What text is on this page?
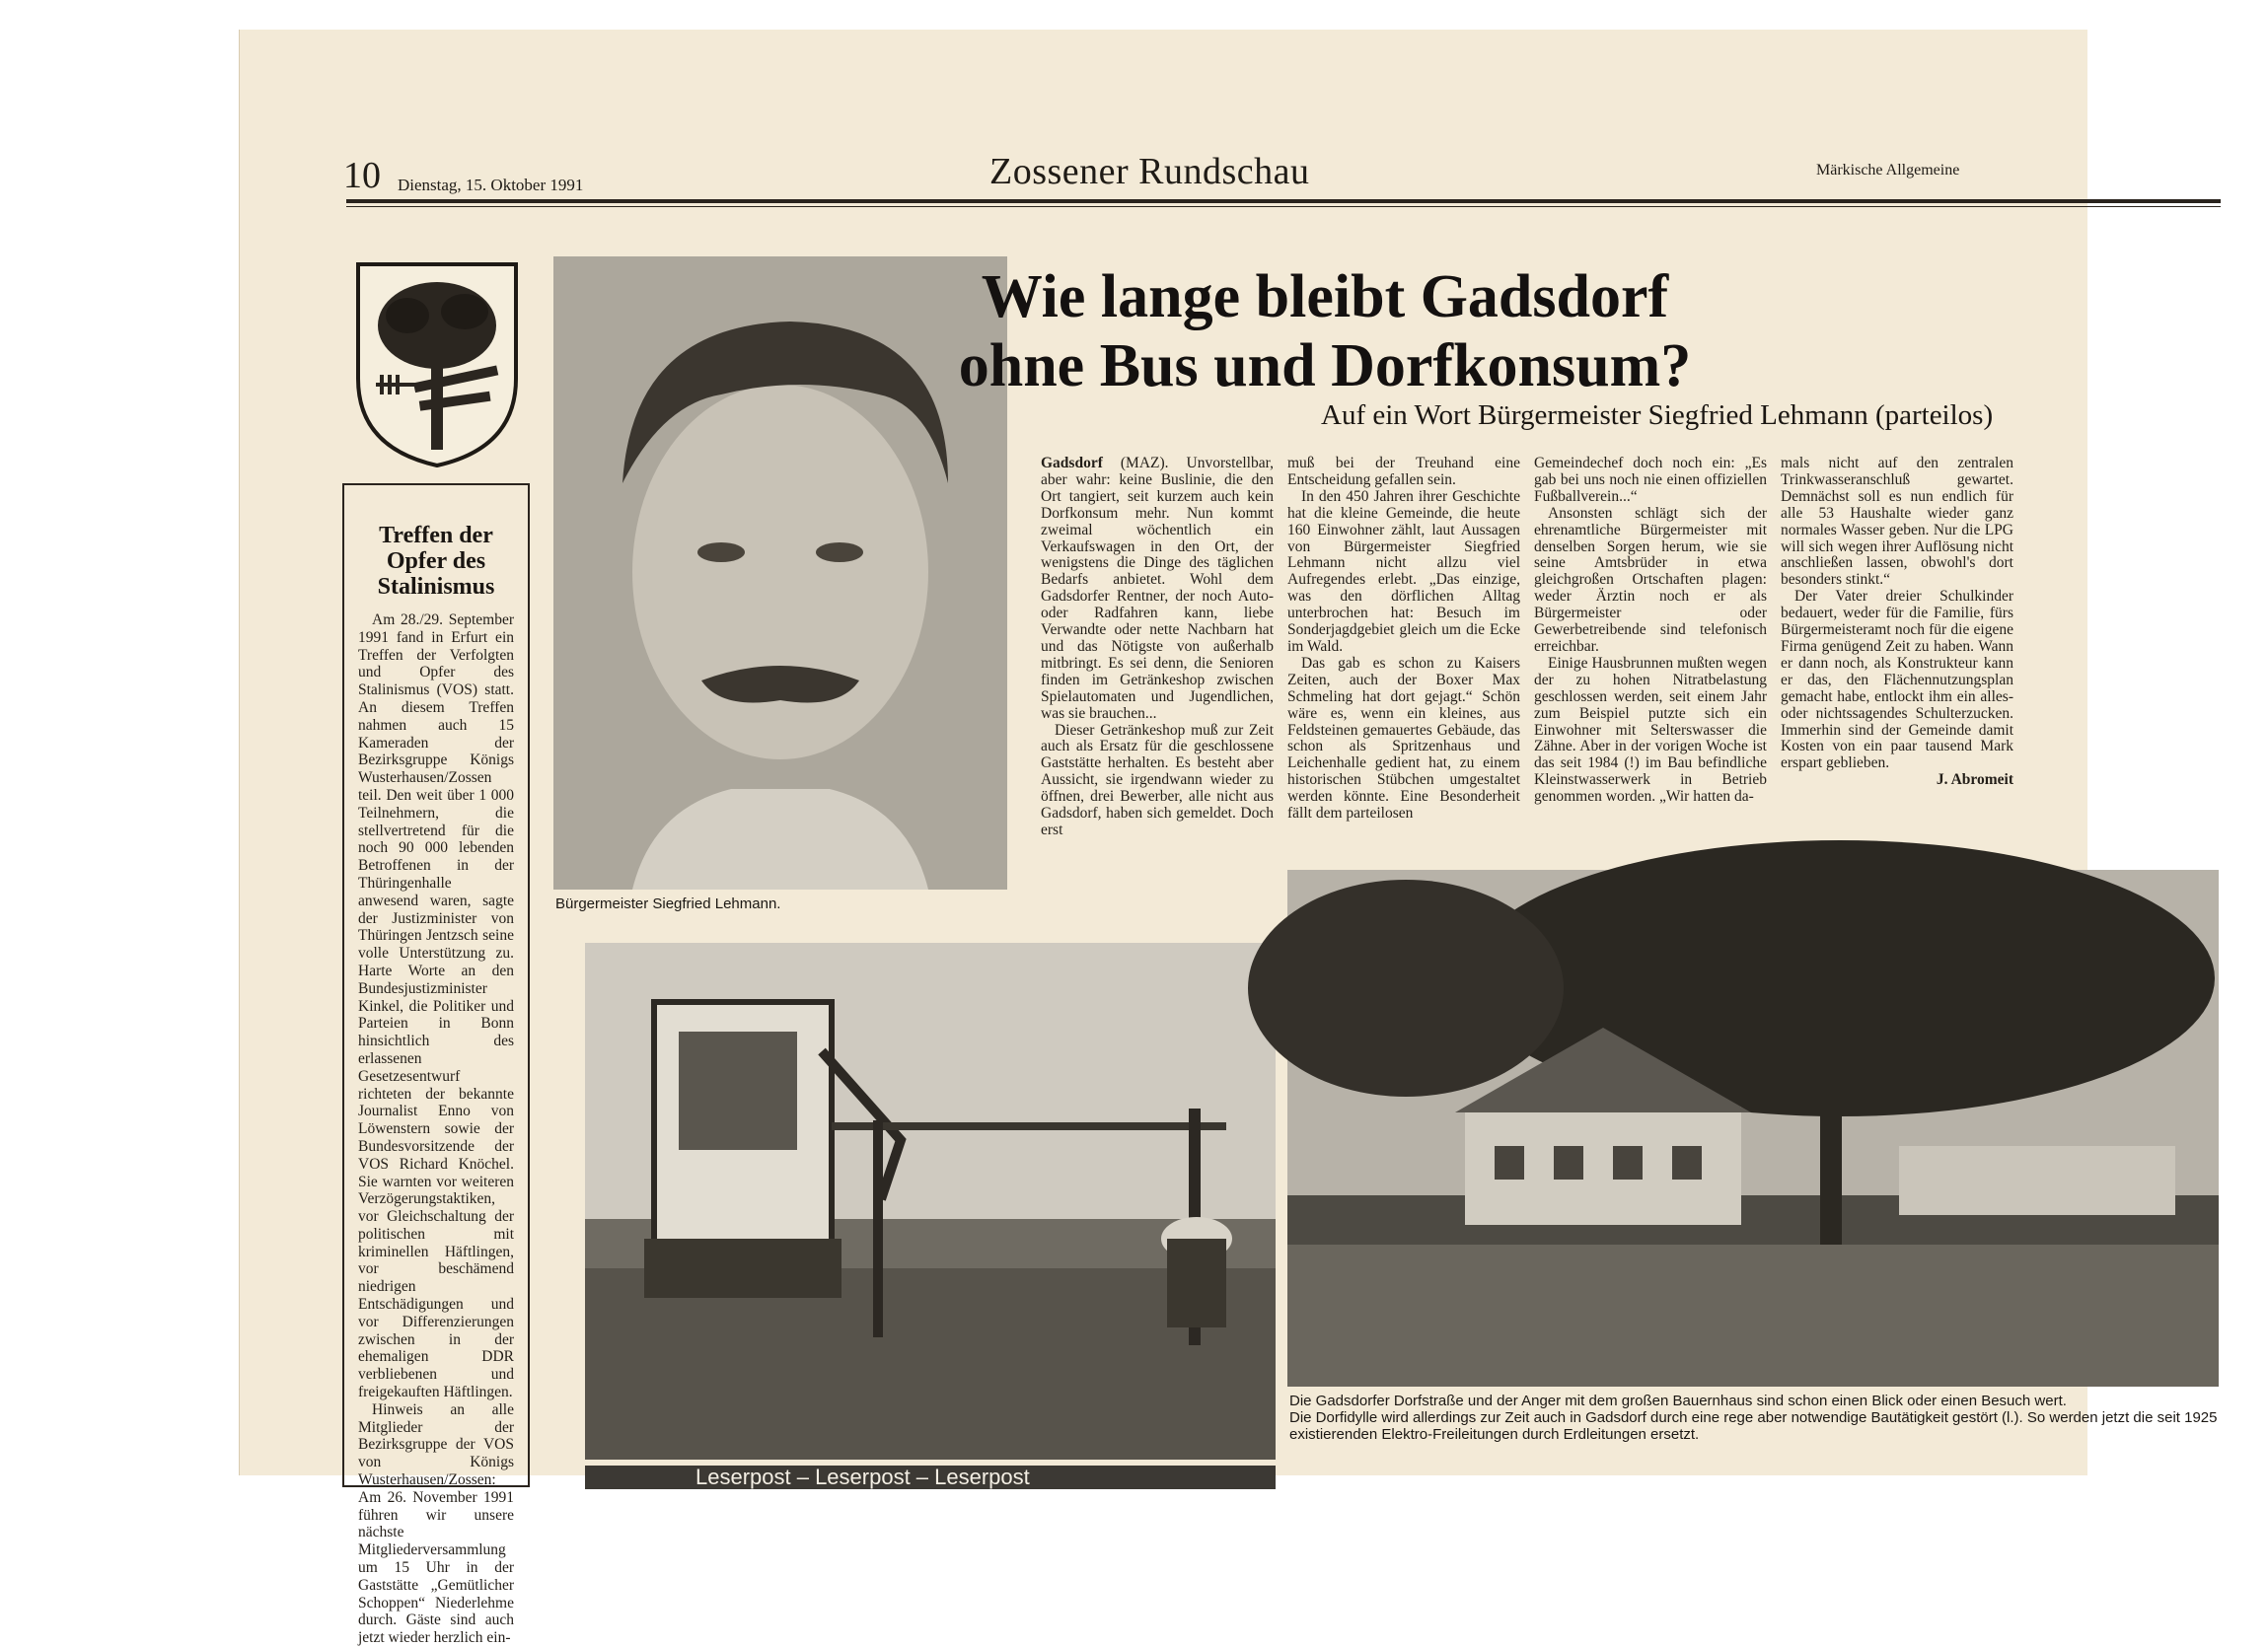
10 Dienstag, 15. Oktober 1991	Zossener Rundschau	Märkische Allgemeine
Treffen der Opfer des Stalinismus
Am 28./29. September 1991 fand in Erfurt ein Treffen der Verfolgten und Opfer des Stalinismus (VOS) statt. An diesem Treffen nahmen auch 15 Kameraden der Bezirksgruppe Königs Wusterhausen/Zossen teil. Den weit über 1 000 Teilnehmern, die stellvertretend für die noch 90 000 lebenden Betroffenen in der Thüringenhalle anwesend waren, sagte der Justizminister von Thüringen Jentzsch seine volle Unterstützung zu. Harte Worte an den Bundesjustizminister Kinkel, die Politiker und Parteien in Bonn hinsichtlich des erlassenen Gesetzesentwurf richteten der bekannte Journalist Enno von Löwenstern sowie der Bundesvorsitzende der VOS Richard Knöchel. Sie warnten vor weiteren Verzögerungstaktiken, vor Gleichschaltung der politischen mit kriminellen Häftlingen, vor beschämend niedrigen Entschädigungen und vor Differenzierungen zwischen in der ehemaligen DDR verbliebenen und freigekauften Häftlingen.
Hinweis an alle Mitglieder der Bezirksgruppe der VOS von Königs Wusterhausen/Zossen: Am 26. November 1991 führen wir unsere nächste Mitgliederversammlung um 15 Uhr in der Gaststätte „Gemütlicher Schoppen“ Niederlehme durch. Gäste sind auch jetzt wieder herzlich ein-
Bürgermeister Siegfried Lehmann.
Die Gadsdorfer Dorfstraße und der Anger mit dem großen Bauernhaus sind schon einen Blick oder einen Besuch wert.
Die Dorfidylle wird allerdings zur Zeit auch in Gadsdorf durch eine rege aber notwendige Bautätigkeit gestört (l.). So werden jetzt die seit 1925 existierenden Elektro-Freileitungen durch Erdleitungen ersetzt.
Leserpost – Leserpost – Leserpost
Wie lange bleibt Gadsdorf
ohne Bus und Dorfkonsum?
Auf ein Wort Bürgermeister Siegfried Lehmann (parteilos)

Gadsdorf (MAZ). Unvorstellbar, aber wahr: keine Buslinie, die den Ort tangiert, seit kurzem auch kein Dorfkonsum mehr. Nun kommt zweimal wöchentlich ein Verkaufswagen in den Ort, der wenigstens die Dinge des täglichen Bedarfs anbietet. Wohl dem Gadsdorfer Rentner, der noch Auto- oder Radfahren kann, liebe Verwandte oder nette Nachbarn hat und das Nötigste von außerhalb mitbringt. Es sei denn, die Senioren finden im Getränkeshop zwischen Spielautomaten und Jugendlichen, was sie brauchen...

Dieser Getränkeshop muß zur Zeit auch als Ersatz für die geschlossene Gaststätte herhalten. Es besteht aber Aussicht, sie irgendwann wieder zu öffnen, drei Bewerber, alle nicht aus Gadsdorf, haben sich gemeldet. Doch erst

muß bei der Treuhand eine Entscheidung gefallen sein.

In den 450 Jahren ihrer Geschichte hat die kleine Gemeinde, die heute 160 Einwohner zählt, laut Aussagen von Bürgermeister Siegfried Lehmann nicht allzu viel Aufregendes erlebt. „Das einzige, was den dörflichen Alltag unterbrochen hat: Besuch im Sonderjagdgebiet gleich um die Ecke im Wald.

Das gab es schon zu Kaisers Zeiten, auch der Boxer Max Schmeling hat dort gejagt.“ Schön wäre es, wenn ein kleines, aus Feldsteinen gemauertes Gebäude, das schon als Spritzenhaus und Leichenhalle gedient hat, zu einem historischen Stübchen umgestaltet werden könnte. Eine Besonderheit fällt dem parteilosen

Gemeindechef doch noch ein: „Es gab bei uns noch nie einen offiziellen Fußballverein...“

Ansonsten schlägt sich der ehrenamtliche Bürgermeister mit denselben Sorgen herum, wie sie seine Amtsbrüder in etwa gleichgroßen Ortschaften plagen: weder Ärztin noch er als Bürgermeister oder Gewerbetreibende sind telefonisch erreichbar.

Einige Hausbrunnen mußten wegen der zu hohen Nitratbelastung geschlossen werden, seit einem Jahr zum Beispiel putzte sich ein Einwohner mit Selterswasser die Zähne. Aber in der vorigen Woche ist das seit 1984 (!) im Bau befindliche Kleinstwasserwerk in Betrieb genommen worden. „Wir hatten da-

mals nicht auf den zentralen Trinkwasseranschluß gewartet. Demnächst soll es nun endlich für alle 53 Haushalte wieder ganz normales Wasser geben. Nur die LPG will sich wegen ihrer Auflösung nicht anschließen lassen, obwohl's dort besonders stinkt.“

Der Vater dreier Schulkinder bedauert, weder für die Familie, fürs Bürgermeisteramt noch für die eigene Firma genügend Zeit zu haben. Wann er dann noch, als Konstrukteur kann er das, den Flächennutzungsplan gemacht habe, entlockt ihm ein alles- oder nichtssagendes Schulterzucken. Immerhin sind der Gemeinde damit Kosten von ein paar tausend Mark erspart geblieben.

J. Abromeit
